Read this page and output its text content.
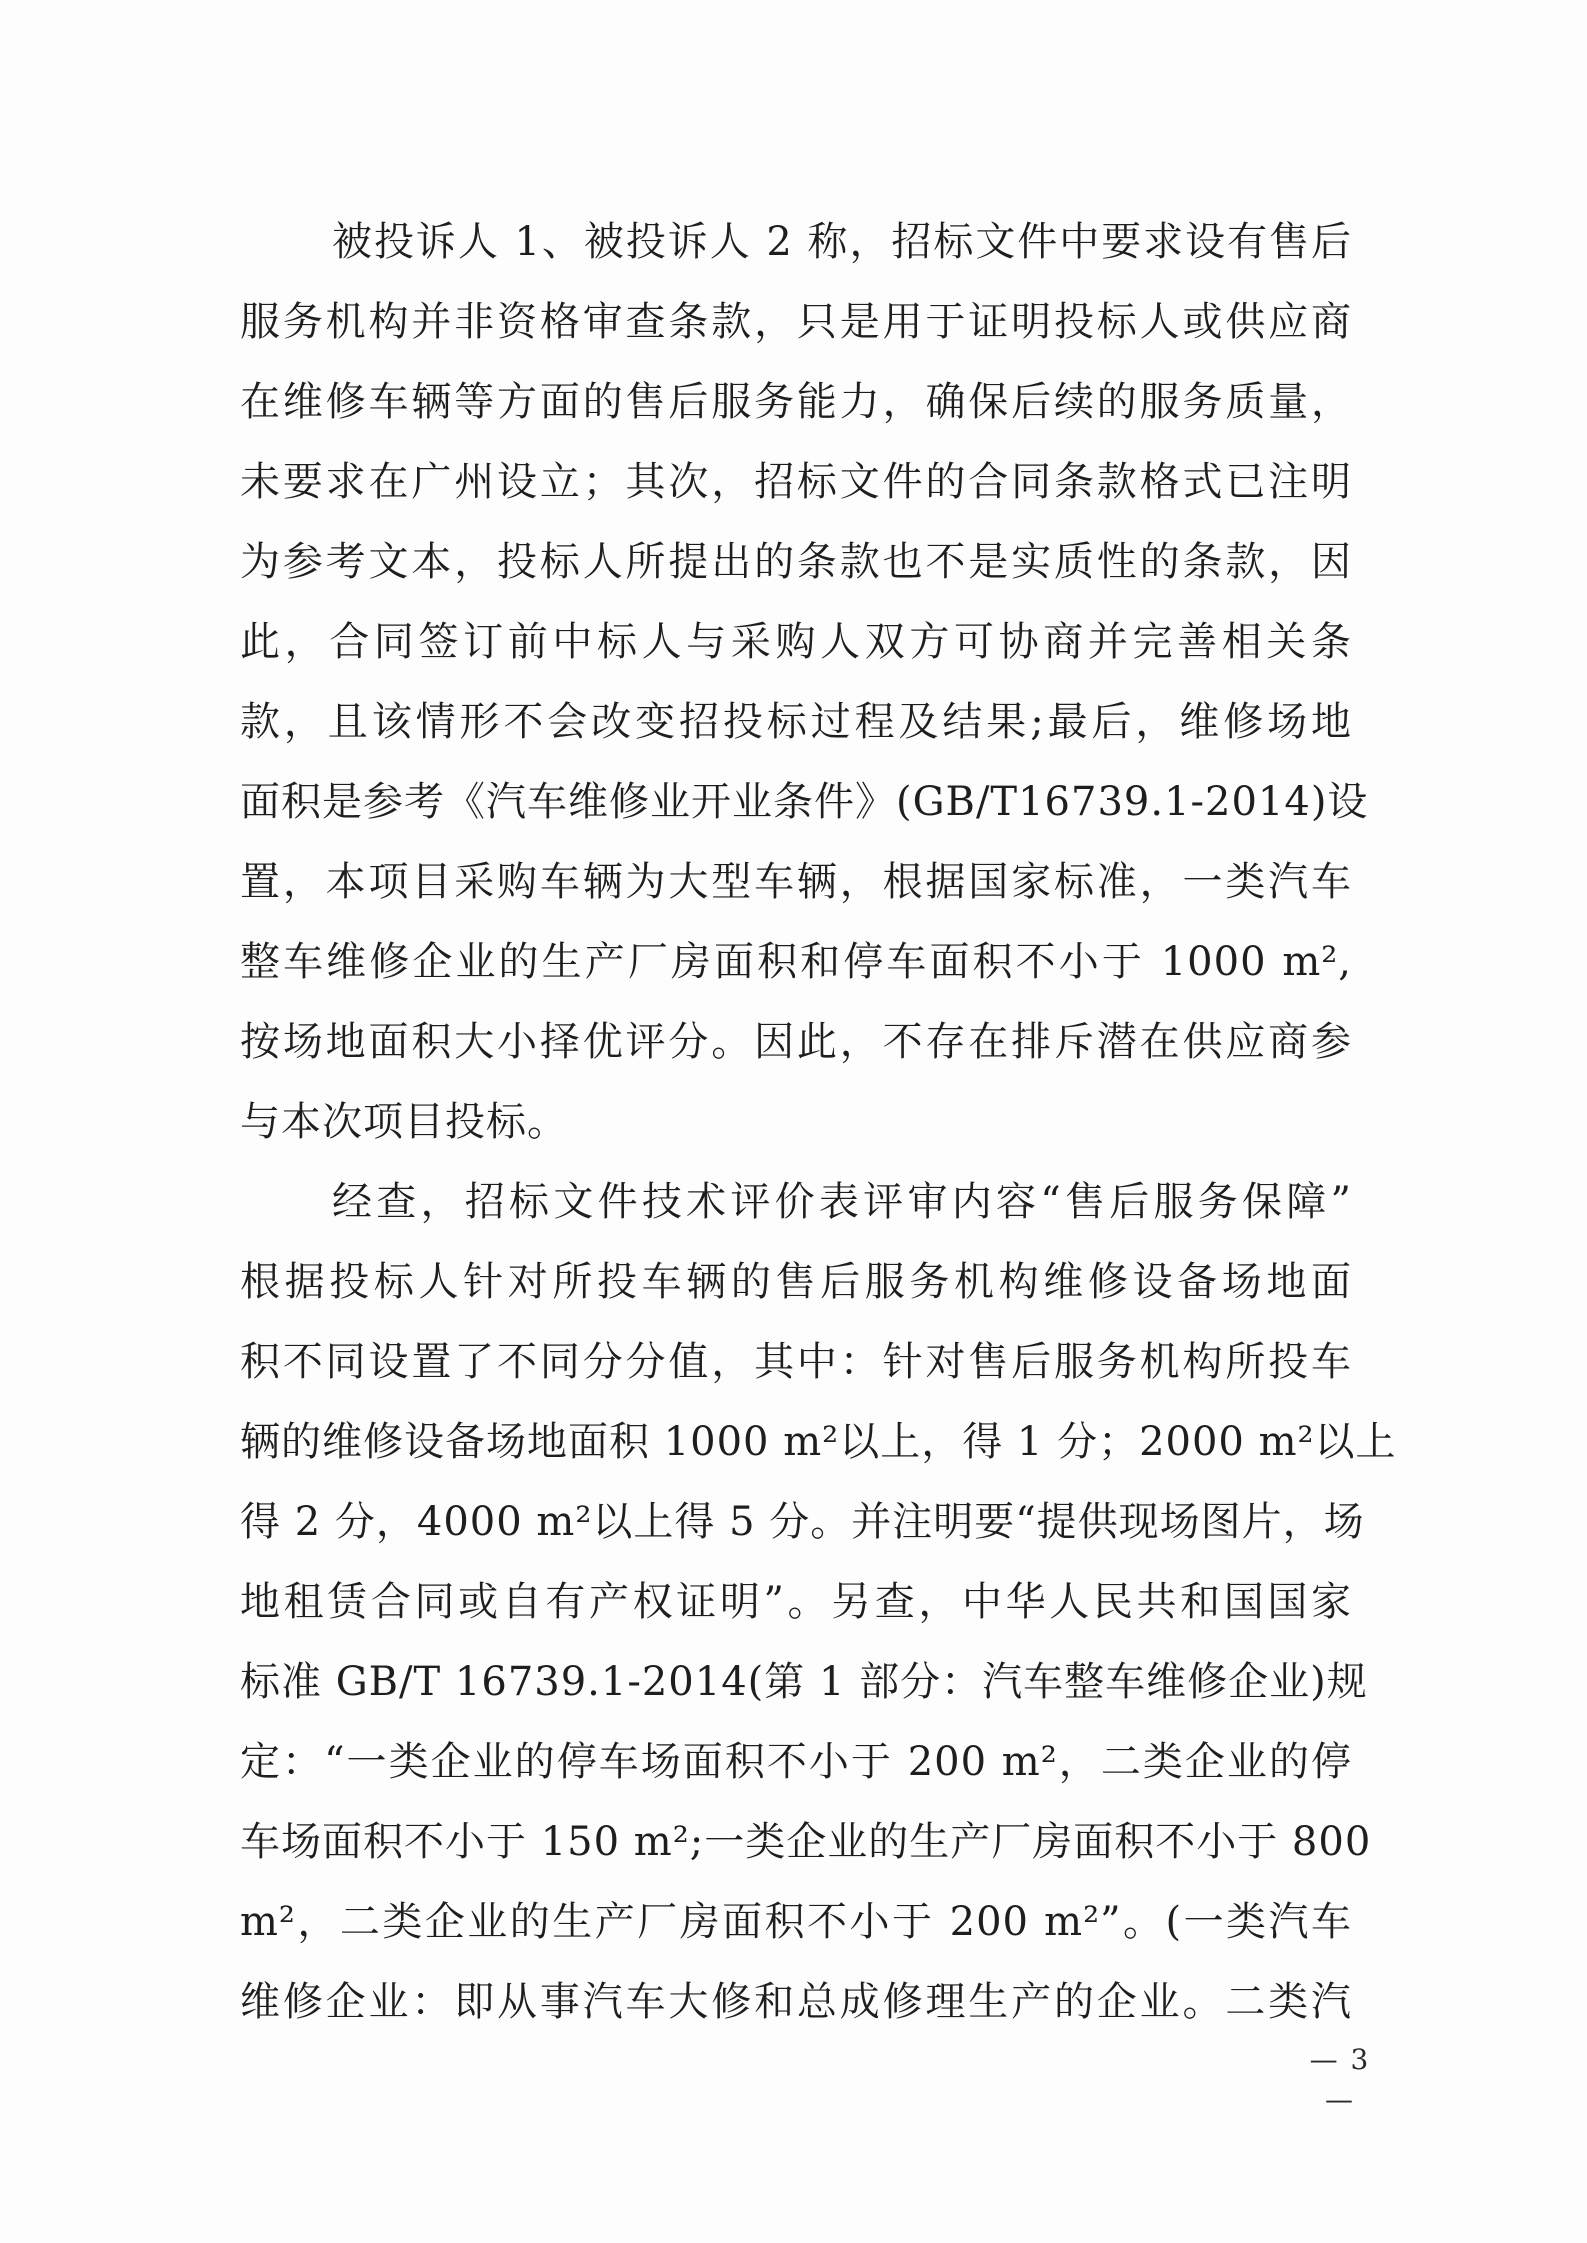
被投诉人 1、被投诉人 2 称，招标文件中要求设有售后
服务机构并非资格审查条款，只是用于证明投标人或供应商
在维修车辆等方面的售后服务能力，确保后续的服务质量，
未要求在广州设立；其次，招标文件的合同条款格式已注明
为参考文本，投标人所提出的条款也不是实质性的条款，因
此，合同签订前中标人与采购人双方可协商并完善相关条
款，且该情形不会改变招投标过程及结果;最后，维修场地
面积是参考《汽车维修业开业条件》(GB/T16739.1-2014)设
置，本项目采购车辆为大型车辆，根据国家标准，一类汽车
整车维修企业的生产厂房面积和停车面积不小于 1000 m²,
按场地面积大小择优评分。因此，不存在排斥潜在供应商参
与本次项目投标。
经查，招标文件技术评价表评审内容“售后服务保障”
根据投标人针对所投车辆的售后服务机构维修设备场地面
积不同设置了不同分分值，其中：针对售后服务机构所投车
辆的维修设备场地面积 1000 m²以上，得 1 分；2000 m²以上
得 2 分，4000 m²以上得 5 分。并注明要“提供现场图片，场
地租赁合同或自有产权证明”。另查，中华人民共和国国家
标准 GB/T 16739.1-2014(第 1 部分：汽车整车维修企业)规
定：“一类企业的停车场面积不小于 200 m²，二类企业的停
车场面积不小于 150 m²;一类企业的生产厂房面积不小于 800
m²，二类企业的生产厂房面积不小于 200 m²”。(一类汽车
维修企业：即从事汽车大修和总成修理生产的企业。二类汽
— 3 —
